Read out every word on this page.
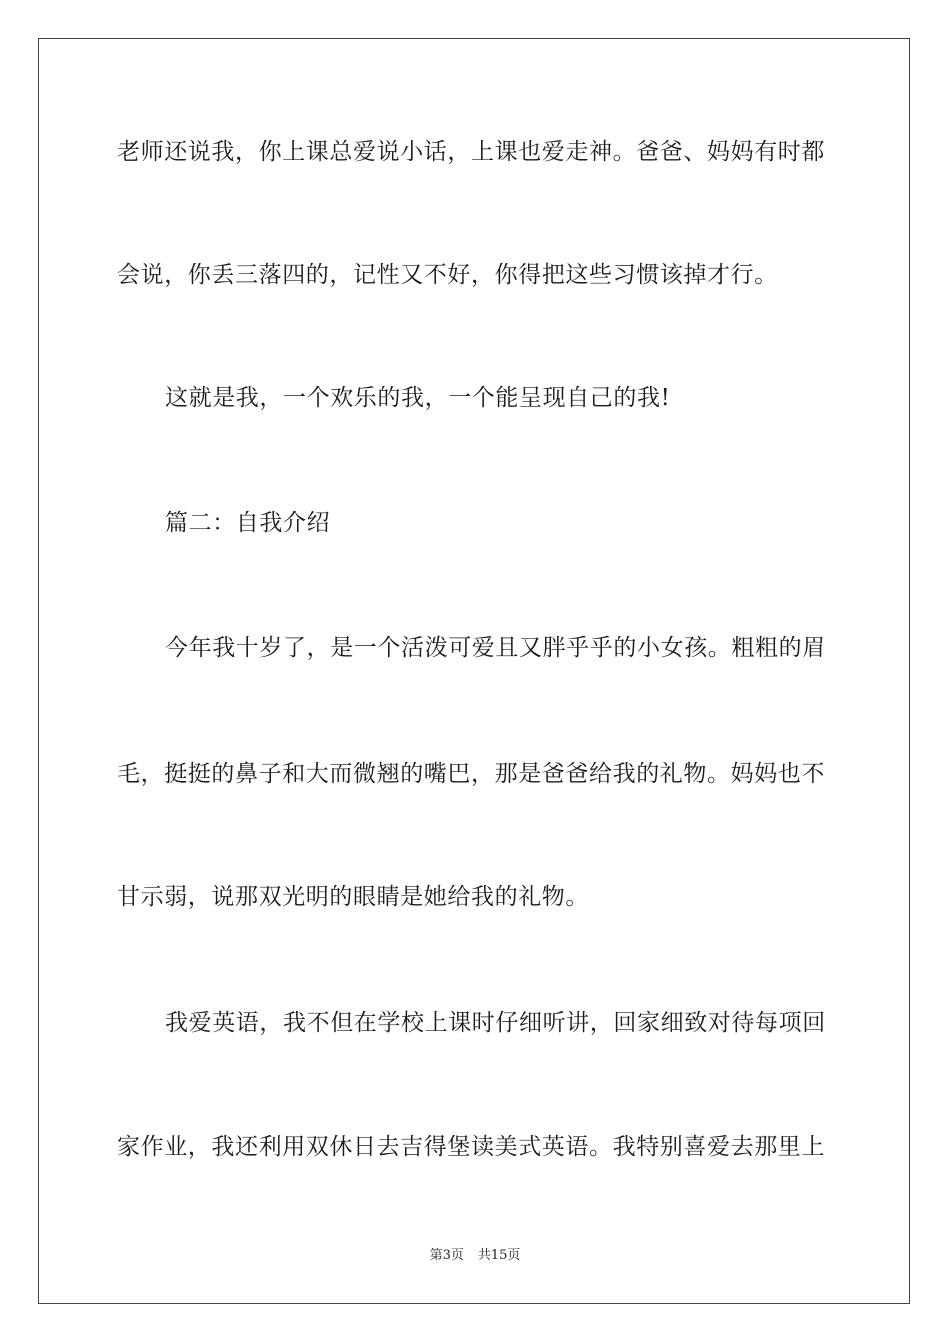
老师还说我，你上课总爱说小话，上课也爱走神。爸爸、妈妈有时都
会说，你丢三落四的，记性又不好，你得把这些习惯该掉才行。
这就是我，一个欢乐的我，一个能呈现自己的我!
篇二：自我介绍
今年我十岁了，是一个活泼可爱且又胖乎乎的小女孩。粗粗的眉
毛，挺挺的鼻子和大而微翘的嘴巴，那是爸爸给我的礼物。妈妈也不
甘示弱，说那双光明的眼睛是她给我的礼物。
我爱英语，我不但在学校上课时仔细听讲，回家细致对待每项回
家作业，我还利用双休日去吉得堡读美式英语。我特别喜爱去那里上
第3页 共15页
